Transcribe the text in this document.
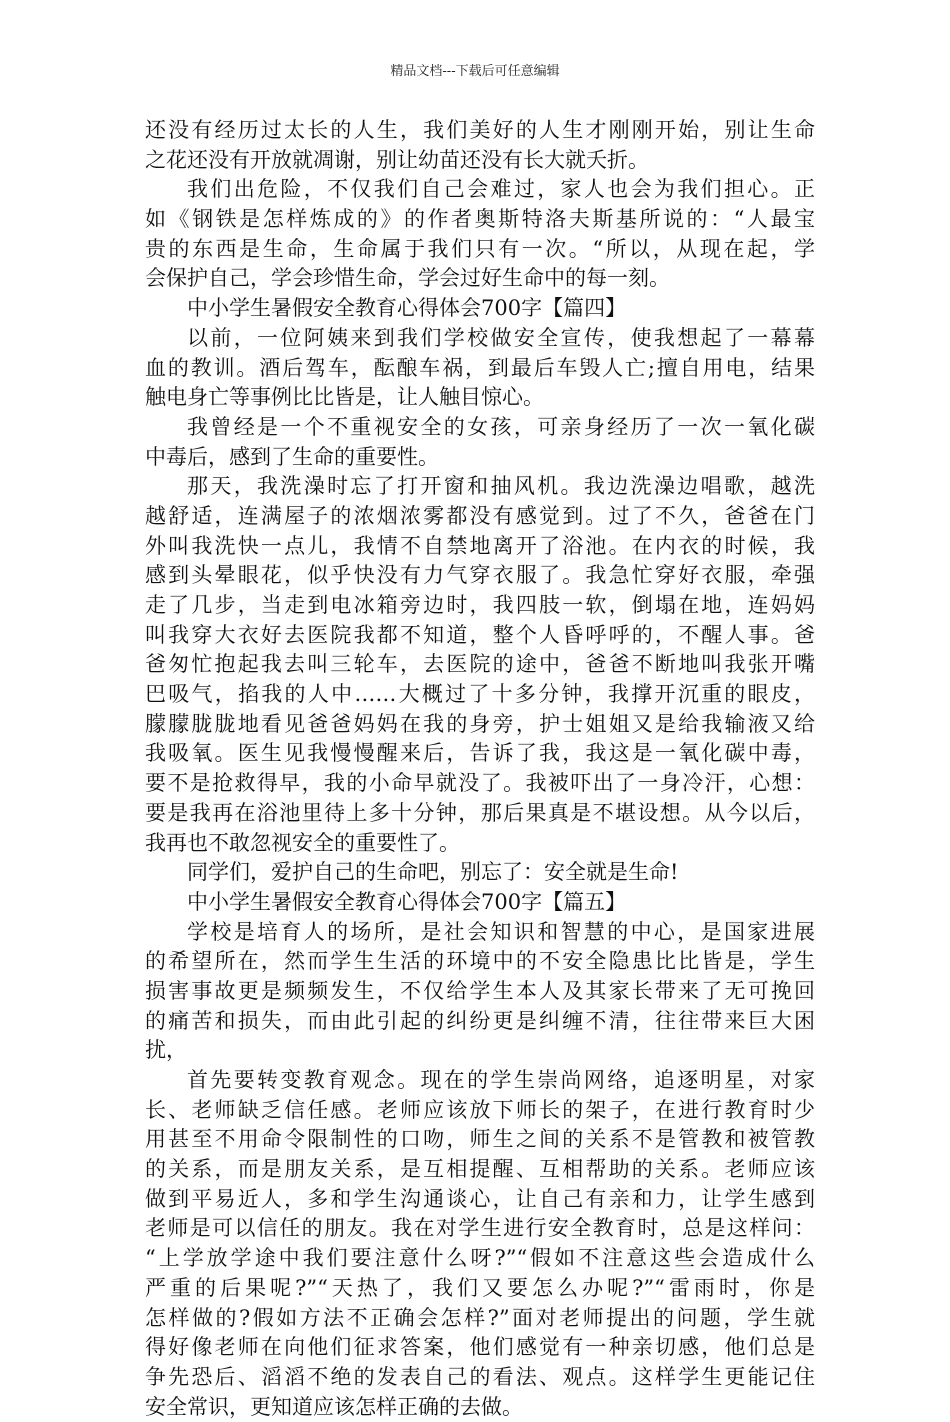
精品文档---下载后可任意编辑
还没有经历过太长的人生，我们美好的人生才刚刚开始，别让生命
之花还没有开放就凋谢，别让幼苗还没有长大就夭折。
我们出危险，不仅我们自己会难过，家人也会为我们担心。正
如《钢铁是怎样炼成的》的作者奥斯特洛夫斯基所说的：“人最宝
贵的东西是生命，生命属于我们只有一次。“所以，从现在起，学
会保护自己，学会珍惜生命，学会过好生命中的每一刻。
中小学生暑假安全教育心得体会700字【篇四】
以前，一位阿姨来到我们学校做安全宣传，使我想起了一幕幕
血的教训。酒后驾车，酝酿车祸，到最后车毁人亡;擅自用电，结果
触电身亡等事例比比皆是，让人触目惊心。
我曾经是一个不重视安全的女孩，可亲身经历了一次一氧化碳
中毒后，感到了生命的重要性。
那天，我洗澡时忘了打开窗和抽风机。我边洗澡边唱歌，越洗
越舒适，连满屋子的浓烟浓雾都没有感觉到。过了不久，爸爸在门
外叫我洗快一点儿，我情不自禁地离开了浴池。在内衣的时候，我
感到头晕眼花，似乎快没有力气穿衣服了。我急忙穿好衣服，牵强
走了几步，当走到电冰箱旁边时，我四肢一软，倒塌在地，连妈妈
叫我穿大衣好去医院我都不知道，整个人昏呼呼的，不醒人事。爸
爸匆忙抱起我去叫三轮车，去医院的途中，爸爸不断地叫我张开嘴
巴吸气，掐我的人中……大概过了十多分钟，我撑开沉重的眼皮，
朦朦胧胧地看见爸爸妈妈在我的身旁，护士姐姐又是给我输液又给
我吸氧。医生见我慢慢醒来后，告诉了我，我这是一氧化碳中毒，
要不是抢救得早，我的小命早就没了。我被吓出了一身冷汗，心想：
要是我再在浴池里待上多十分钟，那后果真是不堪设想。从今以后，
我再也不敢忽视安全的重要性了。
同学们，爱护自己的生命吧，别忘了：安全就是生命!
中小学生暑假安全教育心得体会700字【篇五】
学校是培育人的场所，是社会知识和智慧的中心，是国家进展
的希望所在，然而学生生活的环境中的不安全隐患比比皆是，学生
损害事故更是频频发生，不仅给学生本人及其家长带来了无可挽回
的痛苦和损失，而由此引起的纠纷更是纠缠不清，往往带来巨大困
扰，
首先要转变教育观念。现在的学生崇尚网络，追逐明星，对家
长、老师缺乏信任感。老师应该放下师长的架子，在进行教育时少
用甚至不用命令限制性的口吻，师生之间的关系不是管教和被管教
的关系，而是朋友关系，是互相提醒、互相帮助的关系。老师应该
做到平易近人，多和学生沟通谈心，让自己有亲和力，让学生感到
老师是可以信任的朋友。我在对学生进行安全教育时，总是这样问：
“上学放学途中我们要注意什么呀?”“假如不注意这些会造成什么
严重的后果呢?”“天热了，我们又要怎么办呢?”“雷雨时，你是
怎样做的?假如方法不正确会怎样?”面对老师提出的问题，学生就
得好像老师在向他们征求答案，他们感觉有一种亲切感，他们总是
争先恐后、滔滔不绝的发表自己的看法、观点。这样学生更能记住
安全常识，更知道应该怎样正确的去做。
